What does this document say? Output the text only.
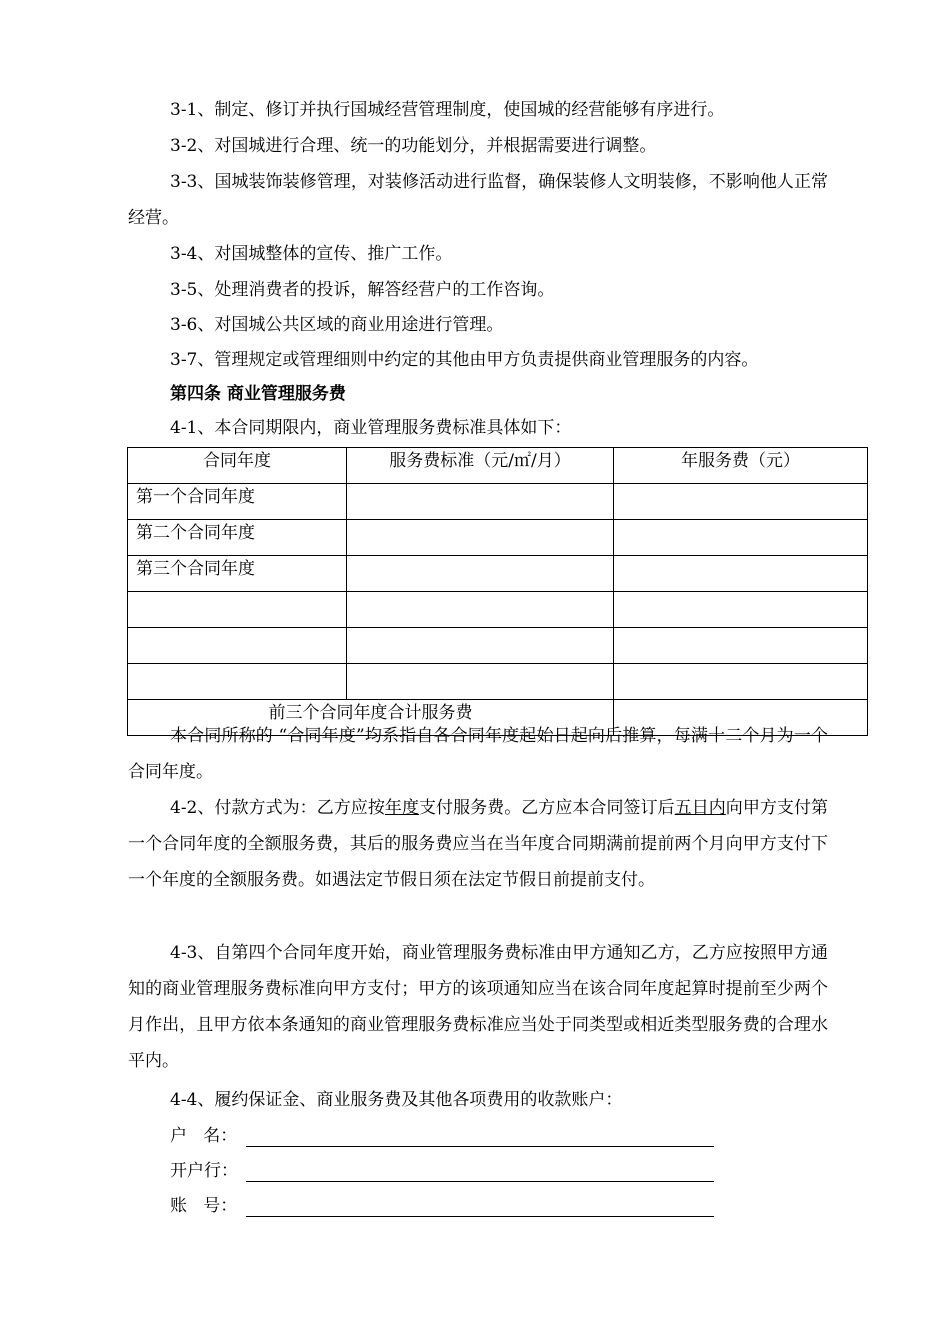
3-1、制定、修订并执行国城经营管理制度，使国城的经营能够有序进行。

3-2、对国城进行合理、统一的功能划分，并根据需要进行调整。

3-3、国城装饰装修管理，对装修活动进行监督，确保装修人文明装修，不影响他人正常经营。

3-4、对国城整体的宣传、推广工作。

3-5、处理消费者的投诉，解答经营户的工作咨询。

3-6、对国城公共区域的商业用途进行管理。

3-7、管理规定或管理细则中约定的其他由甲方负责提供商业管理服务的内容。

第四条 商业管理服务费

4-1、本合同期限内，商业管理服务费标准具体如下：

合同年度	服务费标准（元/㎡/月）	年服务费（元）
第一个合同年度		
第二个合同年度		
第三个合同年度		

前三个合同年度合计服务费		

本合同所称的 “合同年度”均系指自各合同年度起始日起向后推算，每满十二个月为一个合同年度。

4-2、付款方式为：乙方应按年度支付服务费。乙方应本合同签订后五日内向甲方支付第一个合同年度的全额服务费，其后的服务费应当在当年度合同期满前提前两个月向甲方支付下一个年度的全额服务费。如遇法定节假日须在法定节假日前提前支付。

4-3、自第四个合同年度开始，商业管理服务费标准由甲方通知乙方，乙方应按照甲方通知的商业管理服务费标准向甲方支付；甲方的该项通知应当在该合同年度起算时提前至少两个月作出，且甲方依本条通知的商业管理服务费标准应当处于同类型或相近类型服务费的合理水平内。

4-4、履约保证金、商业服务费及其他各项费用的收款账户：

户   名：
开户行：
账   号：
